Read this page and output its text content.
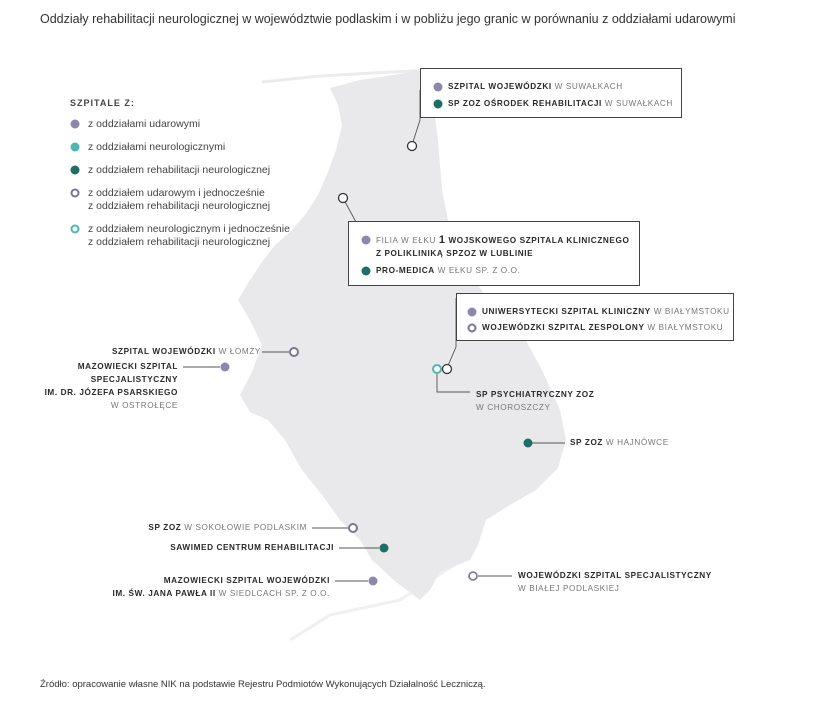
Oddziały rehabilitacji neurologicznej w województwie podlaskim i w pobliżu jego granic w porównaniu z oddziałami udarowymi
SZPITALE Z:
z oddziałami udarowymi
z oddziałami neurologicznymi
z oddziałem rehabilitacji neurologicznej
z oddziałem udarowym i jednocześnie
z oddziałem rehabilitacji neurologicznej
z oddziałem neurologicznym i jednocześnie
z oddziałem rehabilitacji neurologicznej
SZPITAL WOJEWÓDZKI W SUWAŁKACH
SP ZOZ OŚRODEK REHABILITACJI W SUWAŁKACH
FILIA W EŁKU 1 WOJSKOWEGO SZPITALA KLINICZNEGO
Z POLIKLINIKĄ SPZOZ W LUBLINIE
PRO-MEDICA W EŁKU SP. Z O.O.
UNIWERSYTECKI SZPITAL KLINICZNY W BIAŁYMSTOKU
WOJEWÓDZKI SZPITAL ZESPOLONY W BIAŁYMSTOKU
SZPITAL WOJEWÓDZKI W ŁOMŻY
MAZOWIECKI SZPITAL
SPECJALISTYCZNY
IM. DR. JÓZEFA PSARSKIEGO
W OSTROŁĘCE
SP PSYCHIATRYCZNY ZOZ
W CHOROSZCZY
SP ZOZ W HAJNÓWCE
SP ZOZ W SOKOŁOWIE PODLASKIM
SAWIMED CENTRUM REHABILITACJI
MAZOWIECKI SZPITAL WOJEWÓDZKI
IM. ŚW. JANA PAWŁA II W SIEDLCACH SP. Z O.O.
WOJEWÓDZKI SZPITAL SPECJALISTYCZNY
W BIAŁEJ PODLASKIEJ
Źródło: opracowanie własne NIK na podstawie Rejestru Podmiotów Wykonujących Działalność Leczniczą.
